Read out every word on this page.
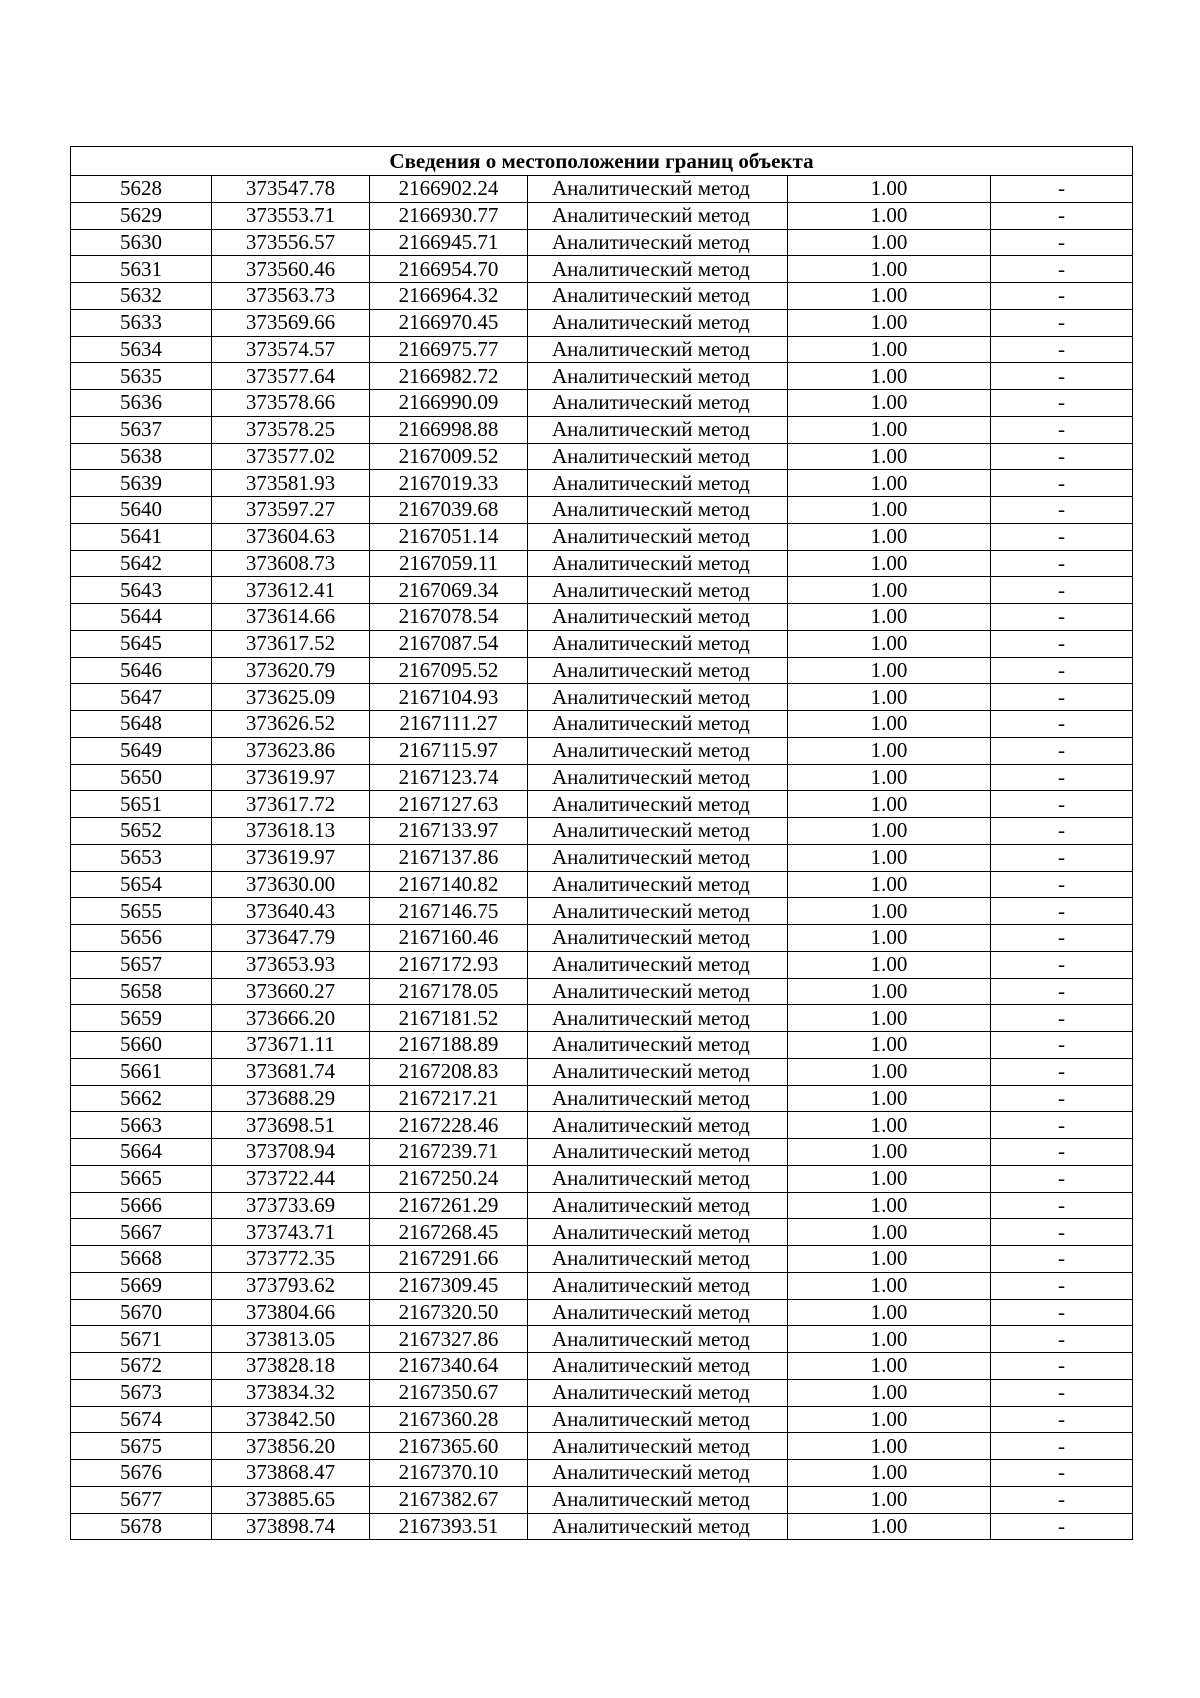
Сведения о местоположении границ объекта					
5628	373547.78	2166902.24	Аналитический метод	1.00	-
5629	373553.71	2166930.77	Аналитический метод	1.00	-
5630	373556.57	2166945.71	Аналитический метод	1.00	-
5631	373560.46	2166954.70	Аналитический метод	1.00	-
5632	373563.73	2166964.32	Аналитический метод	1.00	-
5633	373569.66	2166970.45	Аналитический метод	1.00	-
5634	373574.57	2166975.77	Аналитический метод	1.00	-
5635	373577.64	2166982.72	Аналитический метод	1.00	-
5636	373578.66	2166990.09	Аналитический метод	1.00	-
5637	373578.25	2166998.88	Аналитический метод	1.00	-
5638	373577.02	2167009.52	Аналитический метод	1.00	-
5639	373581.93	2167019.33	Аналитический метод	1.00	-
5640	373597.27	2167039.68	Аналитический метод	1.00	-
5641	373604.63	2167051.14	Аналитический метод	1.00	-
5642	373608.73	2167059.11	Аналитический метод	1.00	-
5643	373612.41	2167069.34	Аналитический метод	1.00	-
5644	373614.66	2167078.54	Аналитический метод	1.00	-
5645	373617.52	2167087.54	Аналитический метод	1.00	-
5646	373620.79	2167095.52	Аналитический метод	1.00	-
5647	373625.09	2167104.93	Аналитический метод	1.00	-
5648	373626.52	2167111.27	Аналитический метод	1.00	-
5649	373623.86	2167115.97	Аналитический метод	1.00	-
5650	373619.97	2167123.74	Аналитический метод	1.00	-
5651	373617.72	2167127.63	Аналитический метод	1.00	-
5652	373618.13	2167133.97	Аналитический метод	1.00	-
5653	373619.97	2167137.86	Аналитический метод	1.00	-
5654	373630.00	2167140.82	Аналитический метод	1.00	-
5655	373640.43	2167146.75	Аналитический метод	1.00	-
5656	373647.79	2167160.46	Аналитический метод	1.00	-
5657	373653.93	2167172.93	Аналитический метод	1.00	-
5658	373660.27	2167178.05	Аналитический метод	1.00	-
5659	373666.20	2167181.52	Аналитический метод	1.00	-
5660	373671.11	2167188.89	Аналитический метод	1.00	-
5661	373681.74	2167208.83	Аналитический метод	1.00	-
5662	373688.29	2167217.21	Аналитический метод	1.00	-
5663	373698.51	2167228.46	Аналитический метод	1.00	-
5664	373708.94	2167239.71	Аналитический метод	1.00	-
5665	373722.44	2167250.24	Аналитический метод	1.00	-
5666	373733.69	2167261.29	Аналитический метод	1.00	-
5667	373743.71	2167268.45	Аналитический метод	1.00	-
5668	373772.35	2167291.66	Аналитический метод	1.00	-
5669	373793.62	2167309.45	Аналитический метод	1.00	-
5670	373804.66	2167320.50	Аналитический метод	1.00	-
5671	373813.05	2167327.86	Аналитический метод	1.00	-
5672	373828.18	2167340.64	Аналитический метод	1.00	-
5673	373834.32	2167350.67	Аналитический метод	1.00	-
5674	373842.50	2167360.28	Аналитический метод	1.00	-
5675	373856.20	2167365.60	Аналитический метод	1.00	-
5676	373868.47	2167370.10	Аналитический метод	1.00	-
5677	373885.65	2167382.67	Аналитический метод	1.00	-
5678	373898.74	2167393.51	Аналитический метод	1.00	-
